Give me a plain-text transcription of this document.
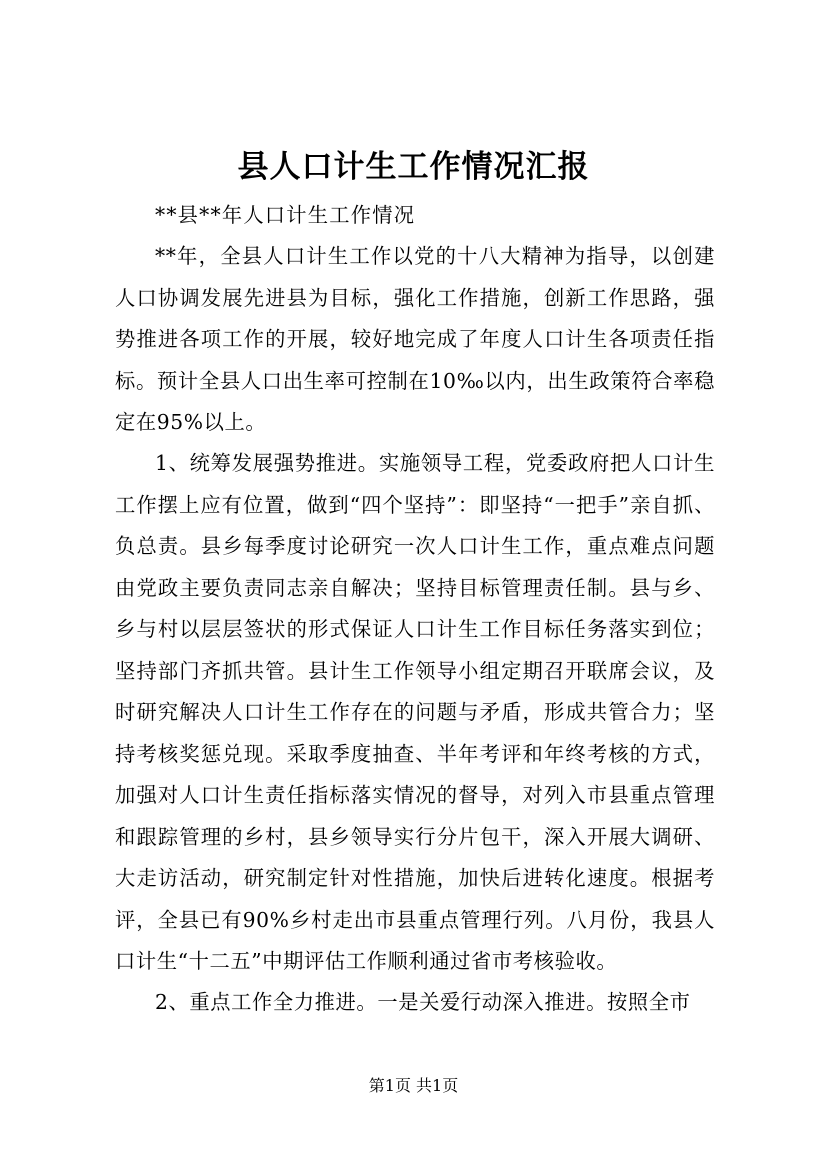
县人口计生工作情况汇报
**县**年人口计生工作情况
**年，全县人口计生工作以党的十八大精神为指导，以创建人口协调发展先进县为目标，强化工作措施，创新工作思路，强势推进各项工作的开展，较好地完成了年度人口计生各项责任指标。预计全县人口出生率可控制在10‰以内，出生政策符合率稳定在95%以上。
1、统筹发展强势推进。实施领导工程，党委政府把人口计生工作摆上应有位置，做到“四个坚持”：即坚持“一把手”亲自抓、负总责。县乡每季度讨论研究一次人口计生工作，重点难点问题由党政主要负责同志亲自解决；坚持目标管理责任制。县与乡、乡与村以层层签状的形式保证人口计生工作目标任务落实到位；坚持部门齐抓共管。县计生工作领导小组定期召开联席会议，及时研究解决人口计生工作存在的问题与矛盾，形成共管合力；坚持考核奖惩兑现。采取季度抽查、半年考评和年终考核的方式，加强对人口计生责任指标落实情况的督导，对列入市县重点管理和跟踪管理的乡村，县乡领导实行分片包干，深入开展大调研、大走访活动，研究制定针对性措施，加快后进转化速度。根据考评，全县已有90%乡村走出市县重点管理行列。八月份，我县人口计生“十二五”中期评估工作顺利通过省市考核验收。
2、重点工作全力推进。一是关爱行动深入推进。按照全市
第1页 共1页
